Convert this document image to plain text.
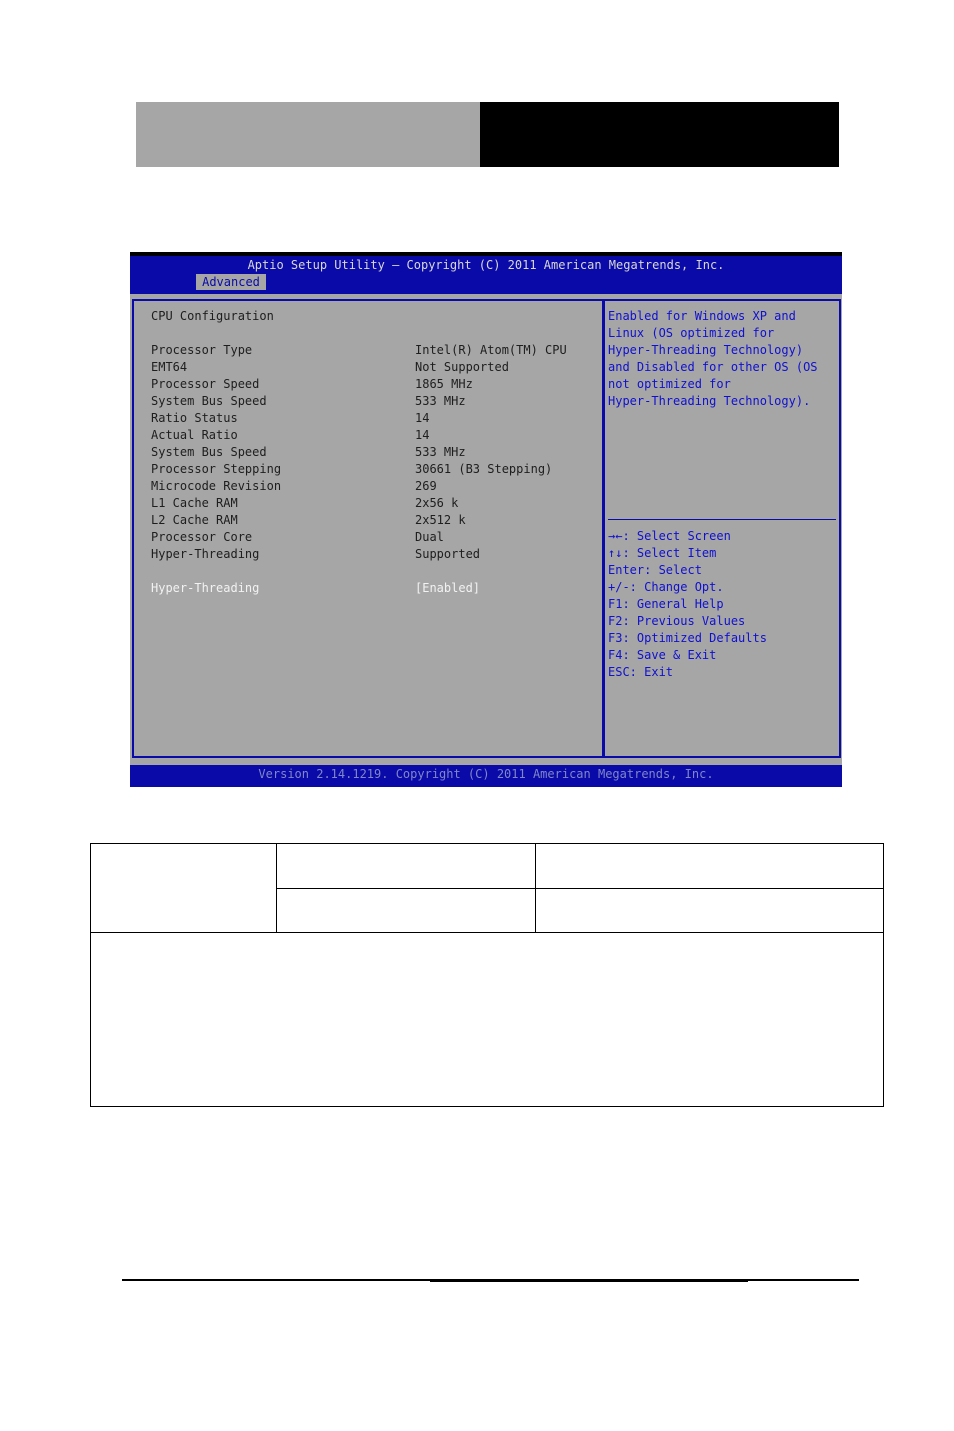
Aptio Setup Utility – Copyright (C) 2011 American Megatrends, Inc.
Advanced
CPU Configuration
Processor Type	Intel(R) Atom(TM) CPU
EMT64	Not Supported
Processor Speed	1865 MHz
System Bus Speed	533 MHz
Ratio Status	14
Actual Ratio	14
System Bus Speed	533 MHz
Processor Stepping	30661 (B3 Stepping)
Microcode Revision	269
L1 Cache RAM	2x56 k
L2 Cache RAM	2x512 k
Processor Core	Dual
Hyper-Threading	Supported
Hyper-Threading	[Enabled]
Enabled for Windows XP and
Linux (OS optimized for
Hyper-Threading Technology)
and Disabled for other OS (OS
not optimized for
Hyper-Threading Technology).
→←: Select Screen
↑↓: Select Item
Enter: Select
+/-: Change Opt.
F1: General Help
F2: Previous Values
F3: Optimized Defaults
F4: Save & Exit
ESC: Exit
Version 2.14.1219. Copyright (C) 2011 American Megatrends, Inc.
